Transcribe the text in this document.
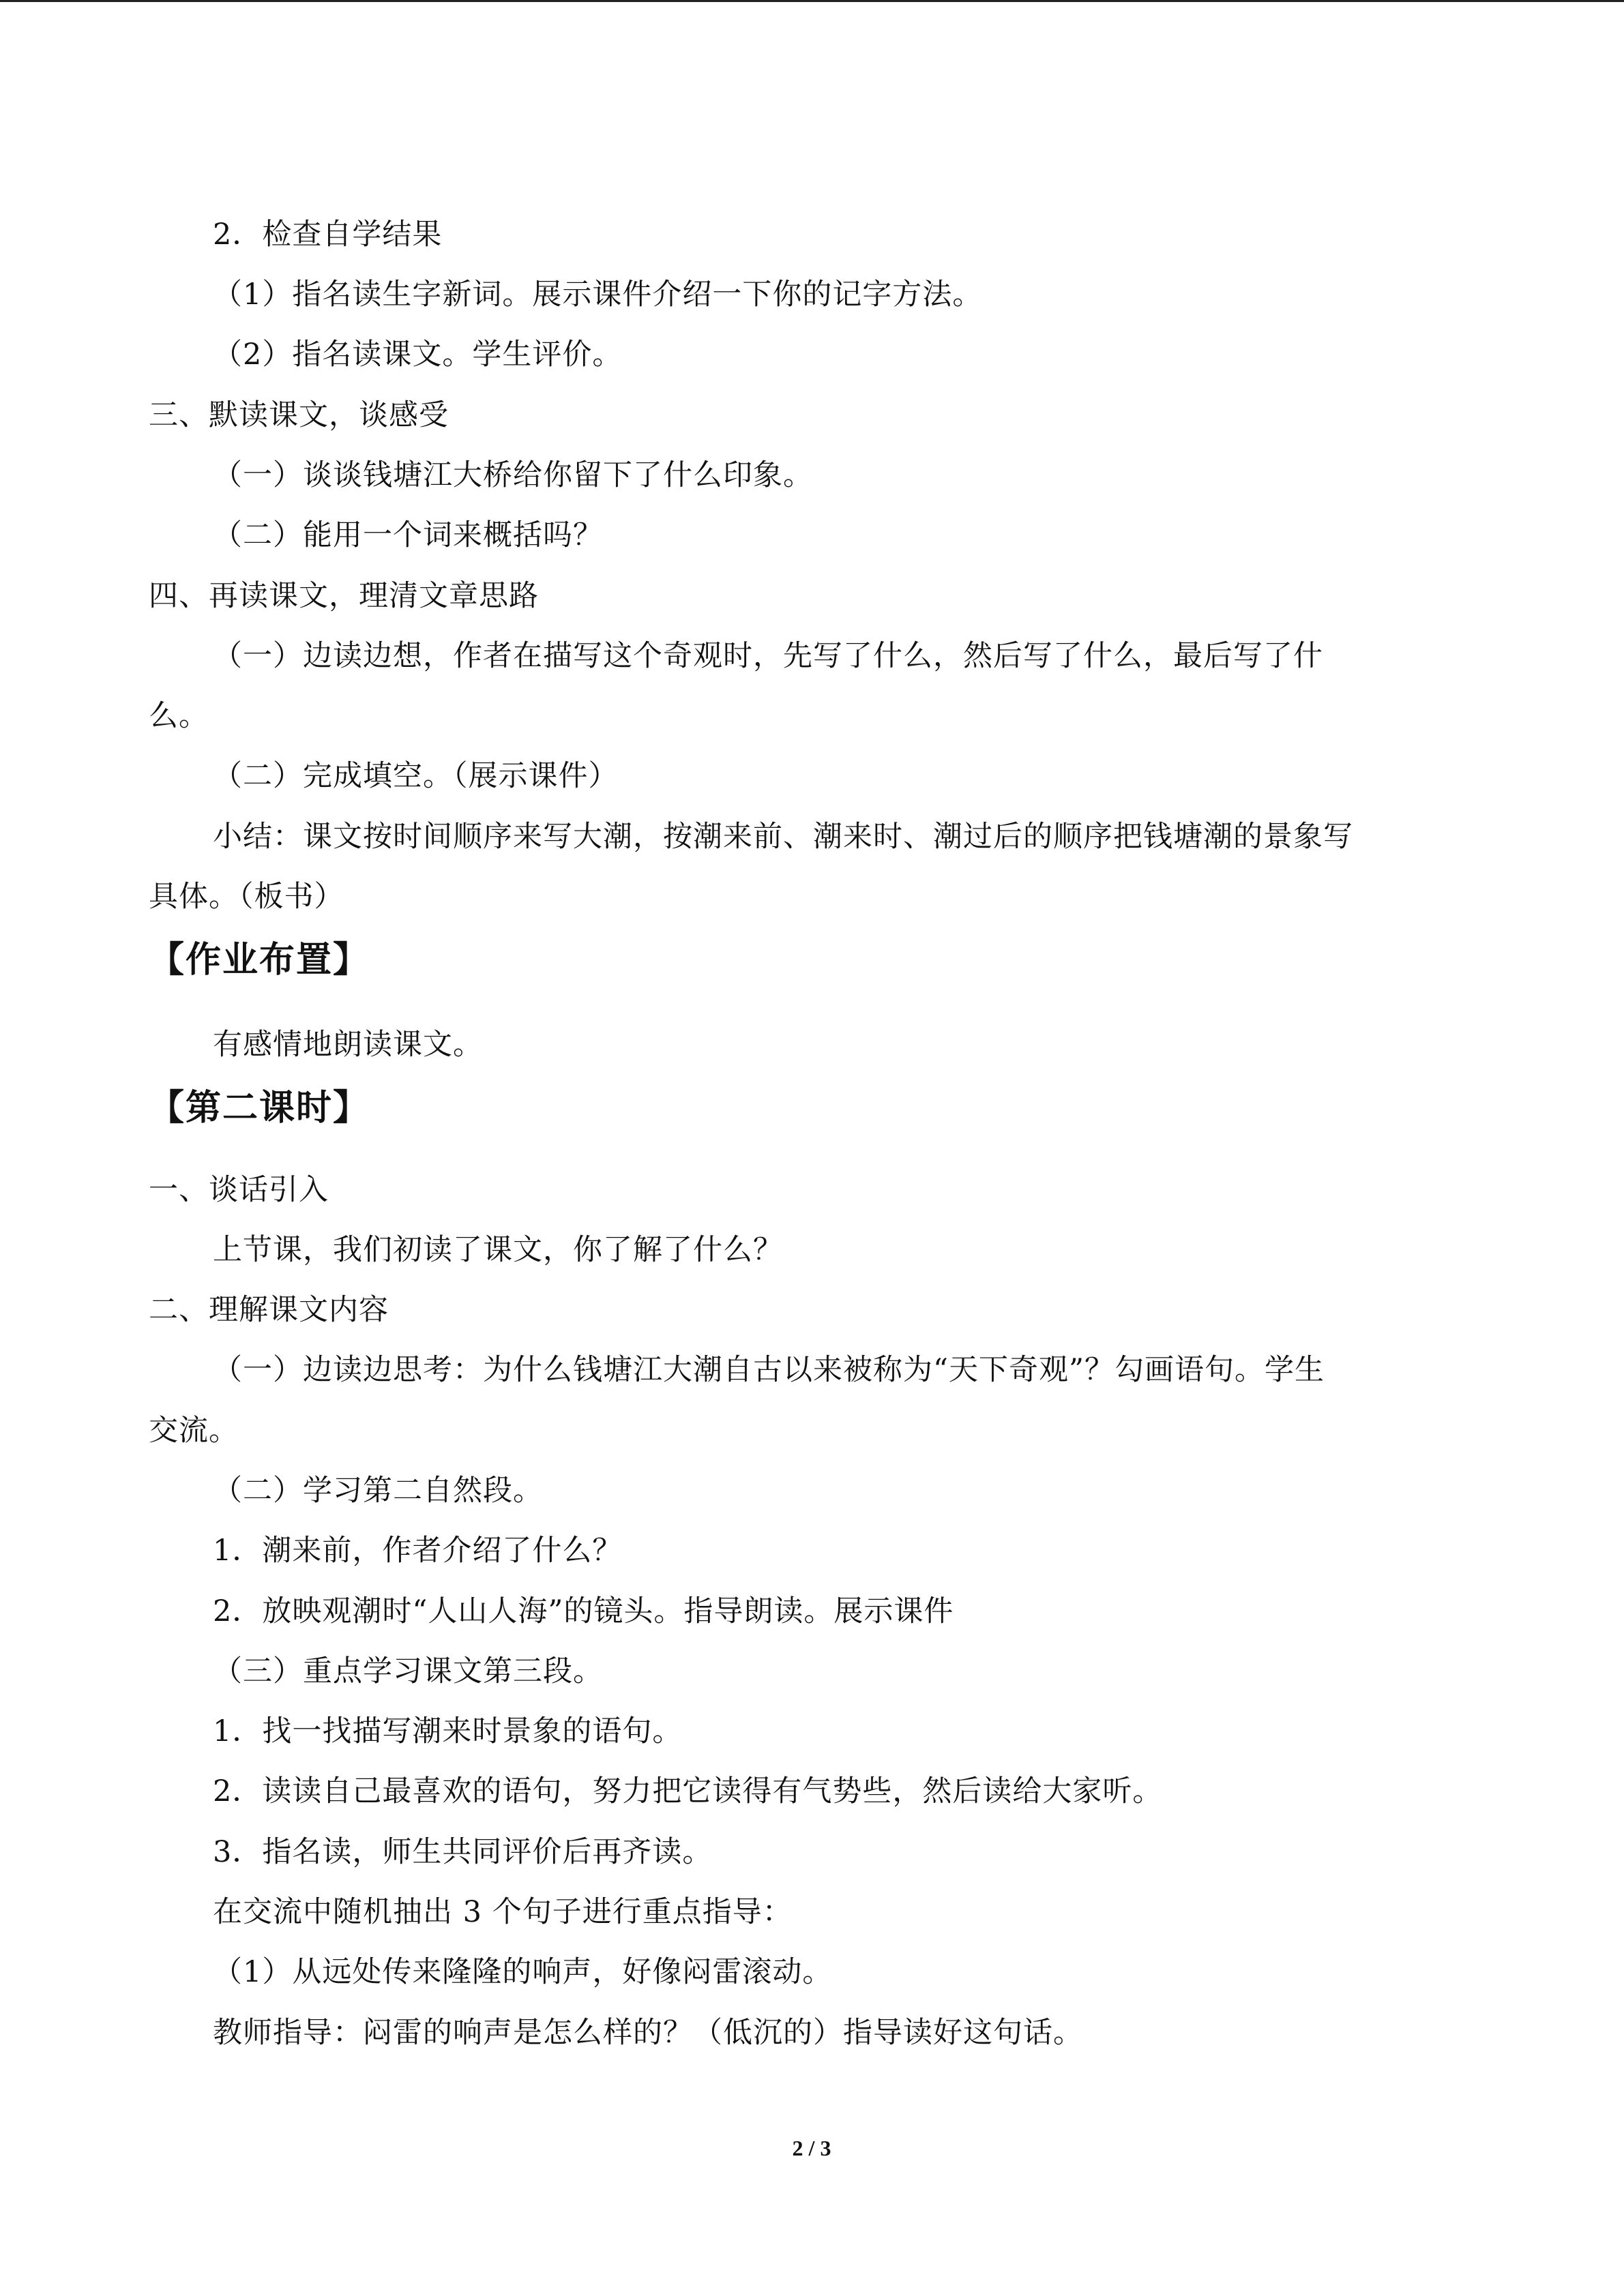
2．检查自学结果
（1）指名读生字新词。展示课件介绍一下你的记字方法。
（2）指名读课文。学生评价。
三、默读课文，谈感受
（一）谈谈钱塘江大桥给你留下了什么印象。
（二）能用一个词来概括吗？
四、再读课文，理清文章思路
（一）边读边想，作者在描写这个奇观时，先写了什么，然后写了什么，最后写了什
么。
（二）完成填空。（展示课件）
小结：课文按时间顺序来写大潮，按潮来前、潮来时、潮过后的顺序把钱塘潮的景象写
具体。（板书）
【作业布置】
有感情地朗读课文。
【第二课时】
一、谈话引入
上节课，我们初读了课文，你了解了什么？
二、理解课文内容
（一）边读边思考：为什么钱塘江大潮自古以来被称为“天下奇观”？勾画语句。学生
交流。
（二）学习第二自然段。
1．潮来前，作者介绍了什么？
2．放映观潮时“人山人海”的镜头。指导朗读。展示课件
（三）重点学习课文第三段。
1．找一找描写潮来时景象的语句。
2．读读自己最喜欢的语句，努力把它读得有气势些，然后读给大家听。
3．指名读，师生共同评价后再齐读。
在交流中随机抽出 3 个句子进行重点指导：
（1）从远处传来隆隆的响声，好像闷雷滚动。
教师指导：闷雷的响声是怎么样的？（低沉的）指导读好这句话。
2 / 3
